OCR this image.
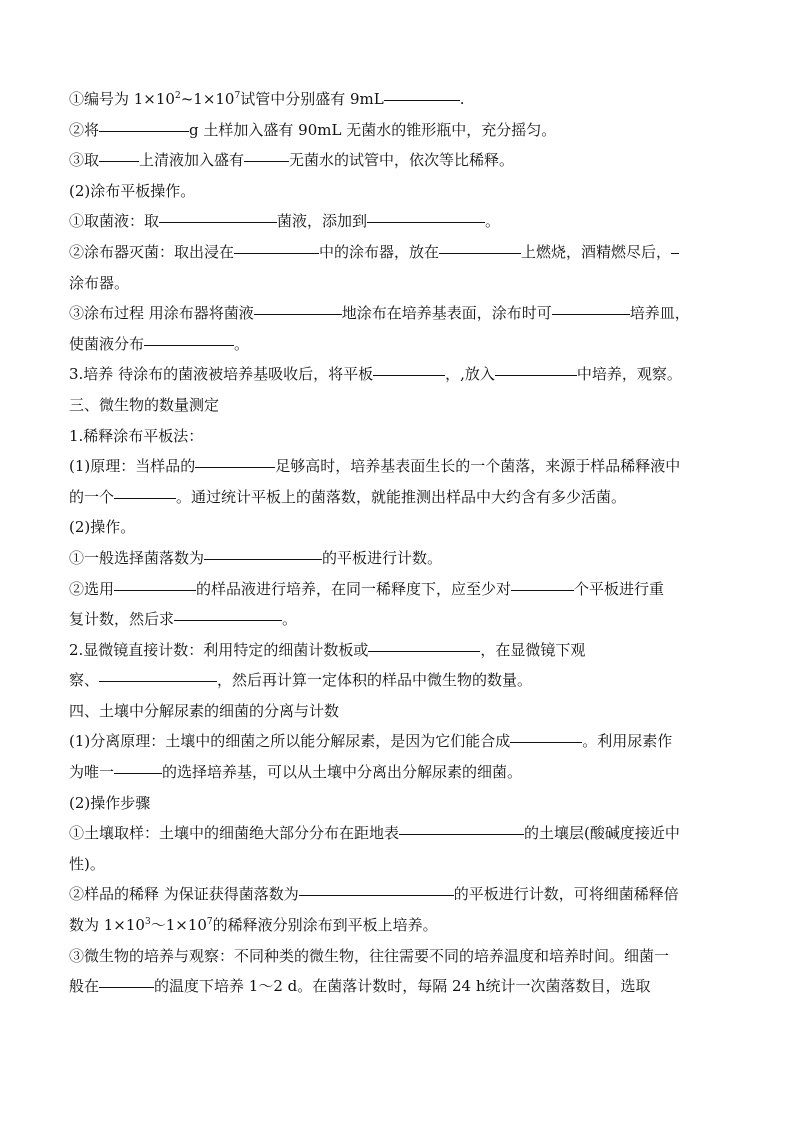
①编号为 $1\times 10^2\sim 1\times 10^7$试管中分别盛有 9mL	.
②将	g 土样加入盛有 90mL 无菌水的锥形瓶中，充分摇匀。
③取	上清液加入盛有	无菌水的试管中，依次等比稀释。
(2)涂布平板操作。
①取菌液：取	菌液，添加到	。
②涂布器灭菌：取出浸在	中的涂布器，放在	上燃烧，酒精燃尽后，
涂布器。
③涂布过程 用涂布器将菌液	地涂布在培养基表面，涂布时可	培养皿，
使菌液分布	。
3.培养 待涂布的菌液被培养基吸收后，将平板	，,放入	中培养，观察。
三、微生物的数量测定
1.稀释涂布平板法：
(1)原理：当样品的	足够高时，培养基表面生长的一个菌落，来源于样品稀释液中
的一个	。通过统计平板上的菌落数，就能推测出样品中大约含有多少活菌。
(2)操作。
①一般选择菌落数为	的平板进行计数。
②选用	的样品液进行培养，在同一稀释度下，应至少对	个平板进行重
复计数，然后求	。
2.显微镜直接计数：利用特定的细菌计数板或	，在显微镜下观
察、	，然后再计算一定体积的样品中微生物的数量。
四、土壤中分解尿素的细菌的分离与计数
(1)分离原理：土壤中的细菌之所以能分解尿素，是因为它们能合成	。利用尿素作
为唯一	的选择培养基，可以从土壤中分离出分解尿素的细菌。
(2)操作步骤
①土壤取样：土壤中的细菌绝大部分分布在距地表	的土壤层(酸碱度接近中
性)。
②样品的稀释 为保证获得菌落数为	的平板进行计数，可将细菌稀释倍
数为 $1\times 10^3\sim 1\times 10^7$的稀释液分别涂布到平板上培养。
③微生物的培养与观察：不同种类的微生物，往往需要不同的培养温度和培养时间。细菌一
般在	的温度下培养 1～2 d。在菌落计数时，每隔 24 h统计一次菌落数目，选取
